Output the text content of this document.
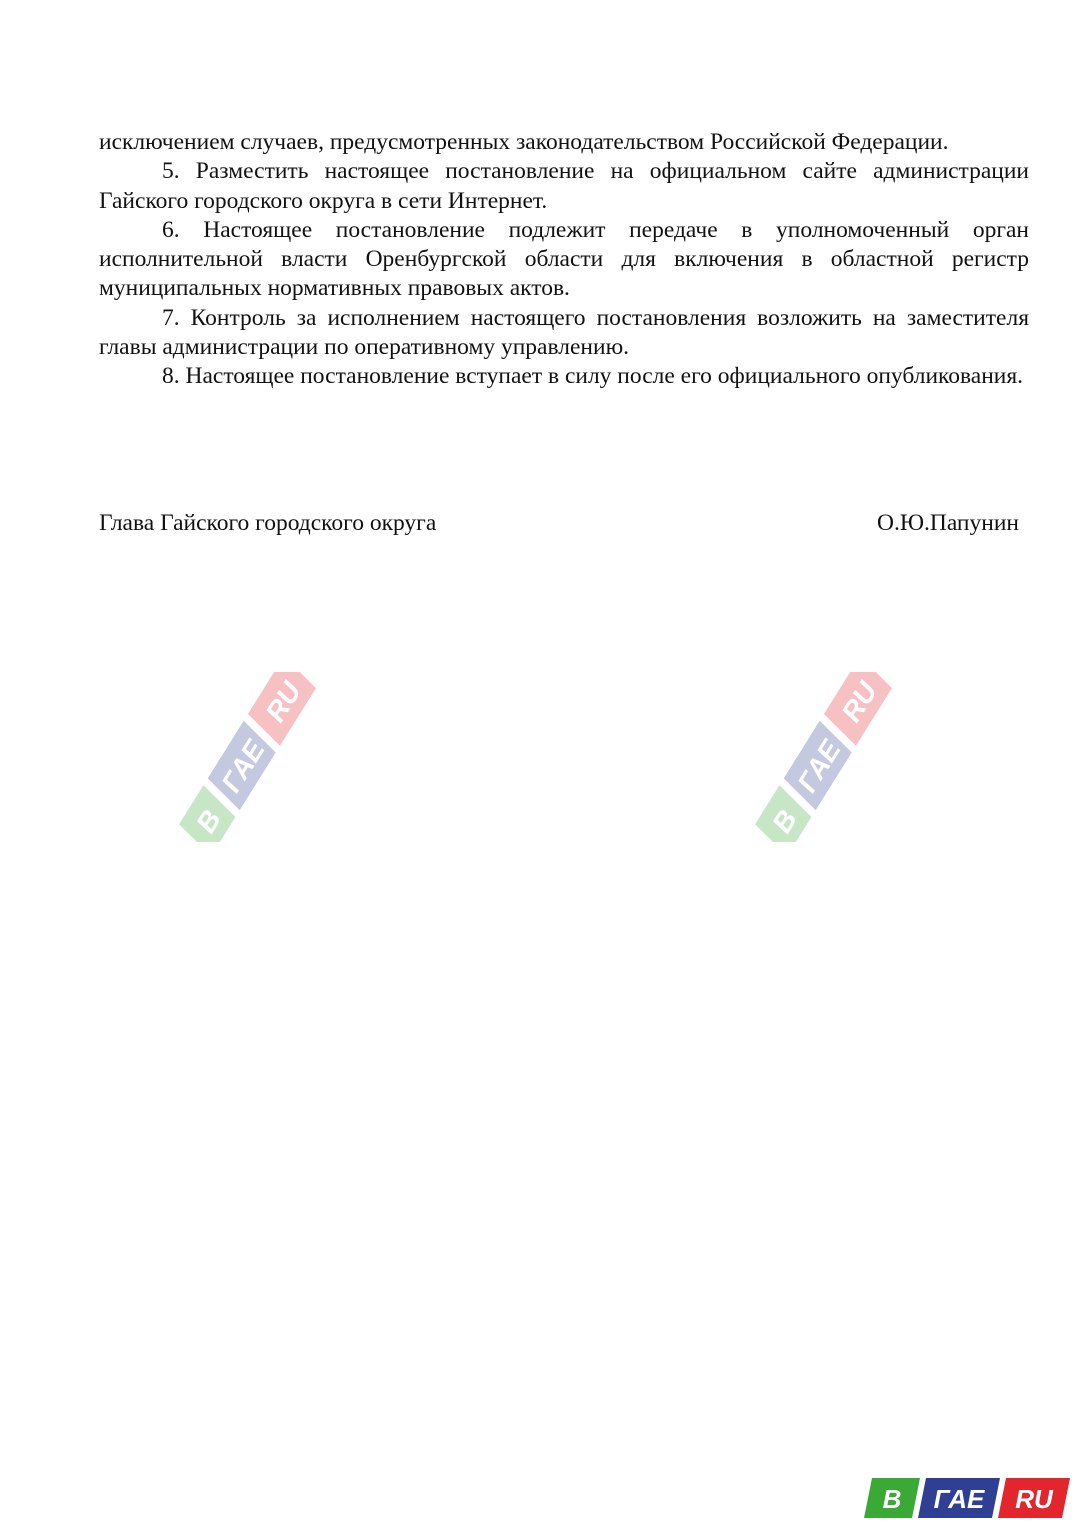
исключением случаев, предусмотренных законодательством Российской Федерации.

5. Разместить настоящее постановление на официальном сайте администрации Гайского городского округа в сети Интернет.

6. Настоящее постановление подлежит передаче в уполномоченный орган исполнительной власти Оренбургской области для включения в областной регистр муниципальных нормативных правовых актов.

7. Контроль за исполнением настоящего постановления возложить на заместителя главы администрации по оперативному управлению.

8. Настоящее постановление вступает в силу после его официального опубликования.

Глава Гайского городского округа	О.Ю.Папунин
В
ГАЕ
RU
В
ГАЕ
RU
В ГАЕ RU
